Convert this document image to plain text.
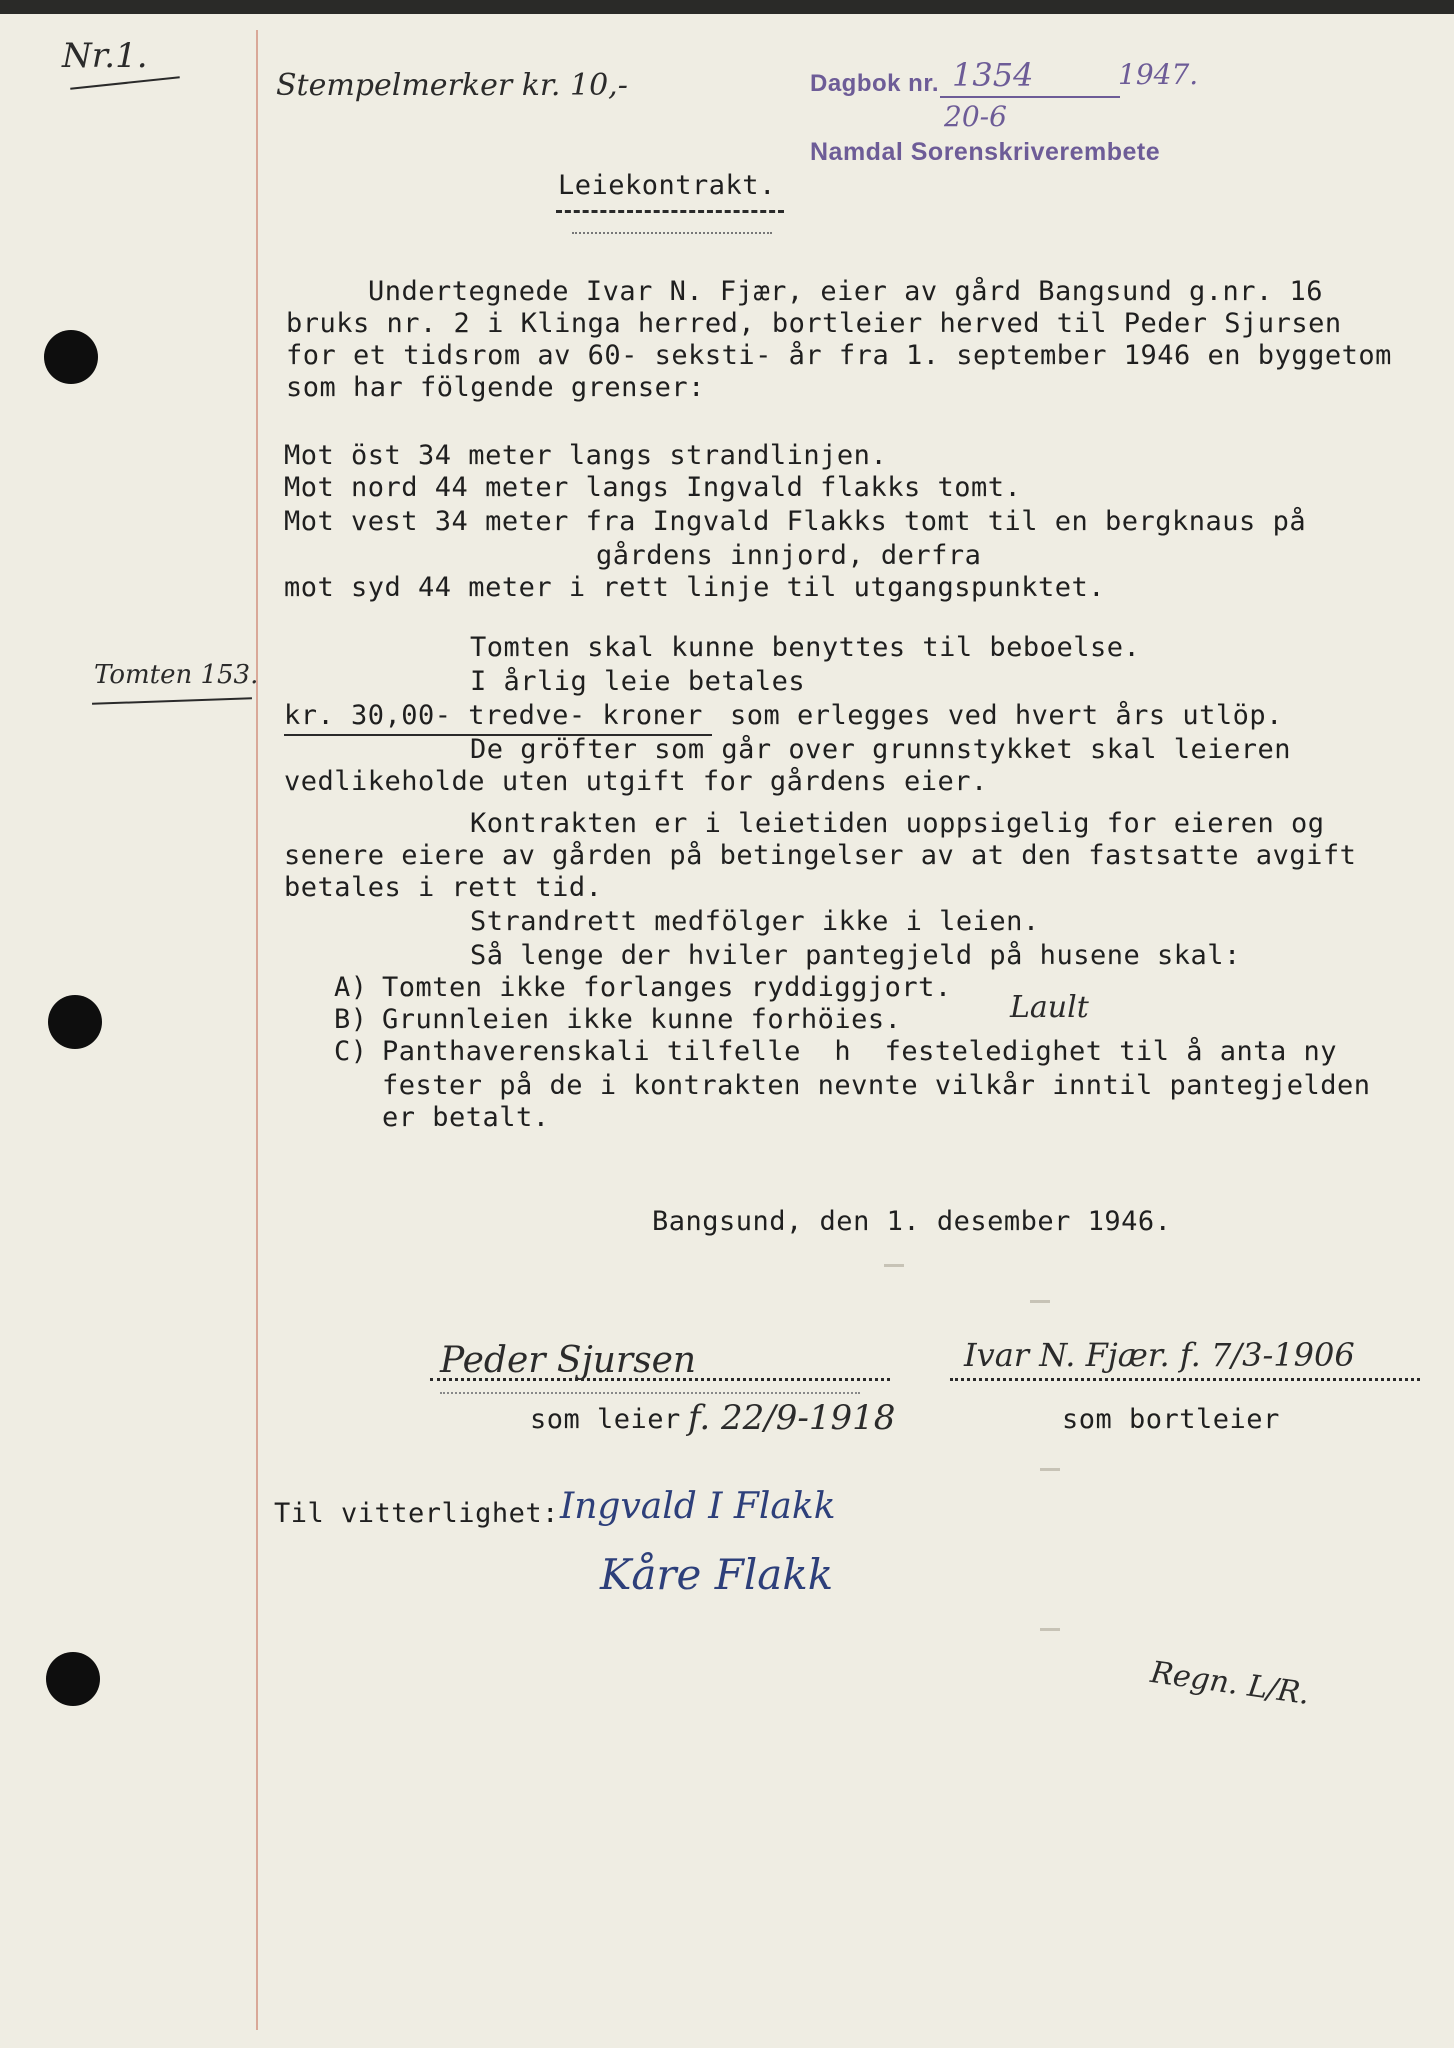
Nr.1.
Tomten 153.
Stempelmerker kr. 10,-	Dagbok nr. 1354	1947.
20-6
Namdal Sorenskriverembete
Leiekontrakt.
Undertegnede Ivar N. Fjær, eier av gård Bangsund g.nr. 16
bruks nr. 2 i Klinga herred, bortleier herved til Peder Sjursen
for et tidsrom av 60- seksti- år fra 1. september 1946 en byggetom
som har fölgende grenser:
Mot öst 34 meter langs strandlinjen.
Mot nord 44 meter langs Ingvald flakks tomt.
Mot vest 34 meter fra Ingvald Flakks tomt til en bergknaus på
gårdens innjord, derfra
mot syd 44 meter i rett linje til utgangspunktet.
Tomten skal kunne benyttes til beboelse.
I årlig leie betales
kr. 30,00- tredve- kroner som erlegges ved hvert års utlöp.
De gröfter som går over grunnstykket skal leieren
vedlikeholde uten utgift for gårdens eier.
Kontrakten er i leietiden uoppsigelig for eieren og
senere eiere av gården på betingelser av at den fastsatte avgift
betales i rett tid.
Strandrett medfölger ikke i leien.
Så lenge der hviler pantegjeld på husene skal:
A) Tomten ikke forlanges ryddiggjort.
B) Grunnleien ikke kunne forhöies.	Lault
C) Panthaverenskali tilfelle  h  festeledighet til å anta ny
fester på de i kontrakten nevnte vilkår inntil pantegjelden
er betalt.
Bangsund, den 1. desember 1946.
Peder Sjursen	Ivar N. Fjær. f. 7/3-1906
som leier f. 22/9-1918	som bortleier
Til vitterlighet: Ingvald I Flakk
Kåre Flakk
Regn. L/R.
